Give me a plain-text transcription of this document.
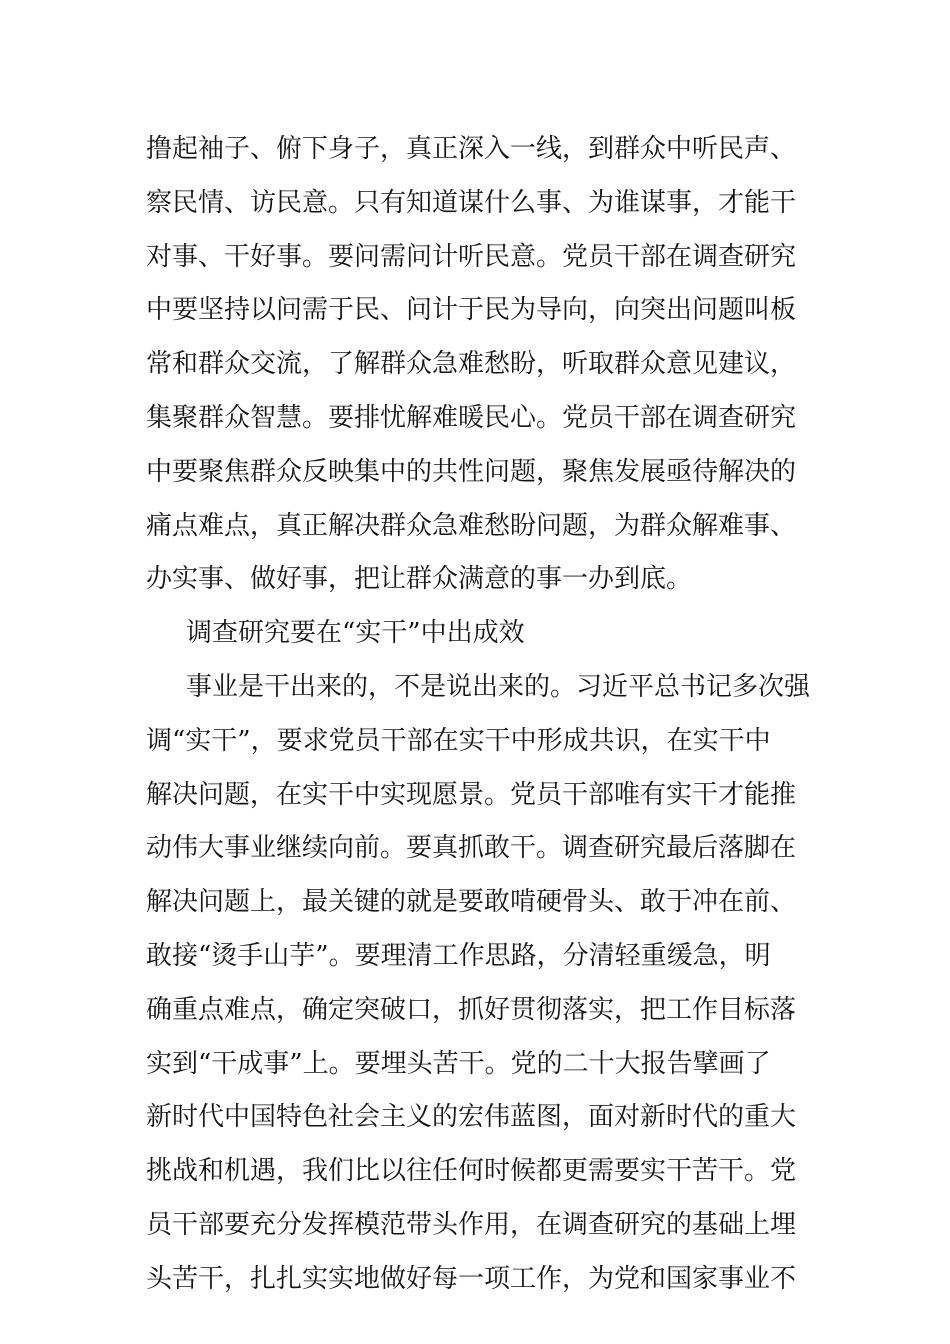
撸起袖子、俯下身子，真正深入一线，到群众中听民声、
察民情、访民意。只有知道谋什么事、为谁谋事，才能干
对事、干好事。要问需问计听民意。党员干部在调查研究
中要坚持以问需于民、问计于民为导向，向突出问题叫板
常和群众交流，了解群众急难愁盼，听取群众意见建议，
集聚群众智慧。要排忧解难暖民心。党员干部在调查研究
中要聚焦群众反映集中的共性问题，聚焦发展亟待解决的
痛点难点，真正解决群众急难愁盼问题，为群众解难事、
办实事、做好事，把让群众满意的事一办到底。
调查研究要在“实干”中出成效
事业是干出来的，不是说出来的。习近平总书记多次强
调“实干”，要求党员干部在实干中形成共识，在实干中
解决问题，在实干中实现愿景。党员干部唯有实干才能推
动伟大事业继续向前。要真抓敢干。调查研究最后落脚在
解决问题上，最关键的就是要敢啃硬骨头、敢于冲在前、
敢接“烫手山芋”。要理清工作思路，分清轻重缓急，明
确重点难点，确定突破口，抓好贯彻落实，把工作目标落
实到“干成事”上。要埋头苦干。党的二十大报告擘画了
新时代中国特色社会主义的宏伟蓝图，面对新时代的重大
挑战和机遇，我们比以往任何时候都更需要实干苦干。党
员干部要充分发挥模范带头作用，在调查研究的基础上埋
头苦干，扎扎实实地做好每一项工作，为党和国家事业不
